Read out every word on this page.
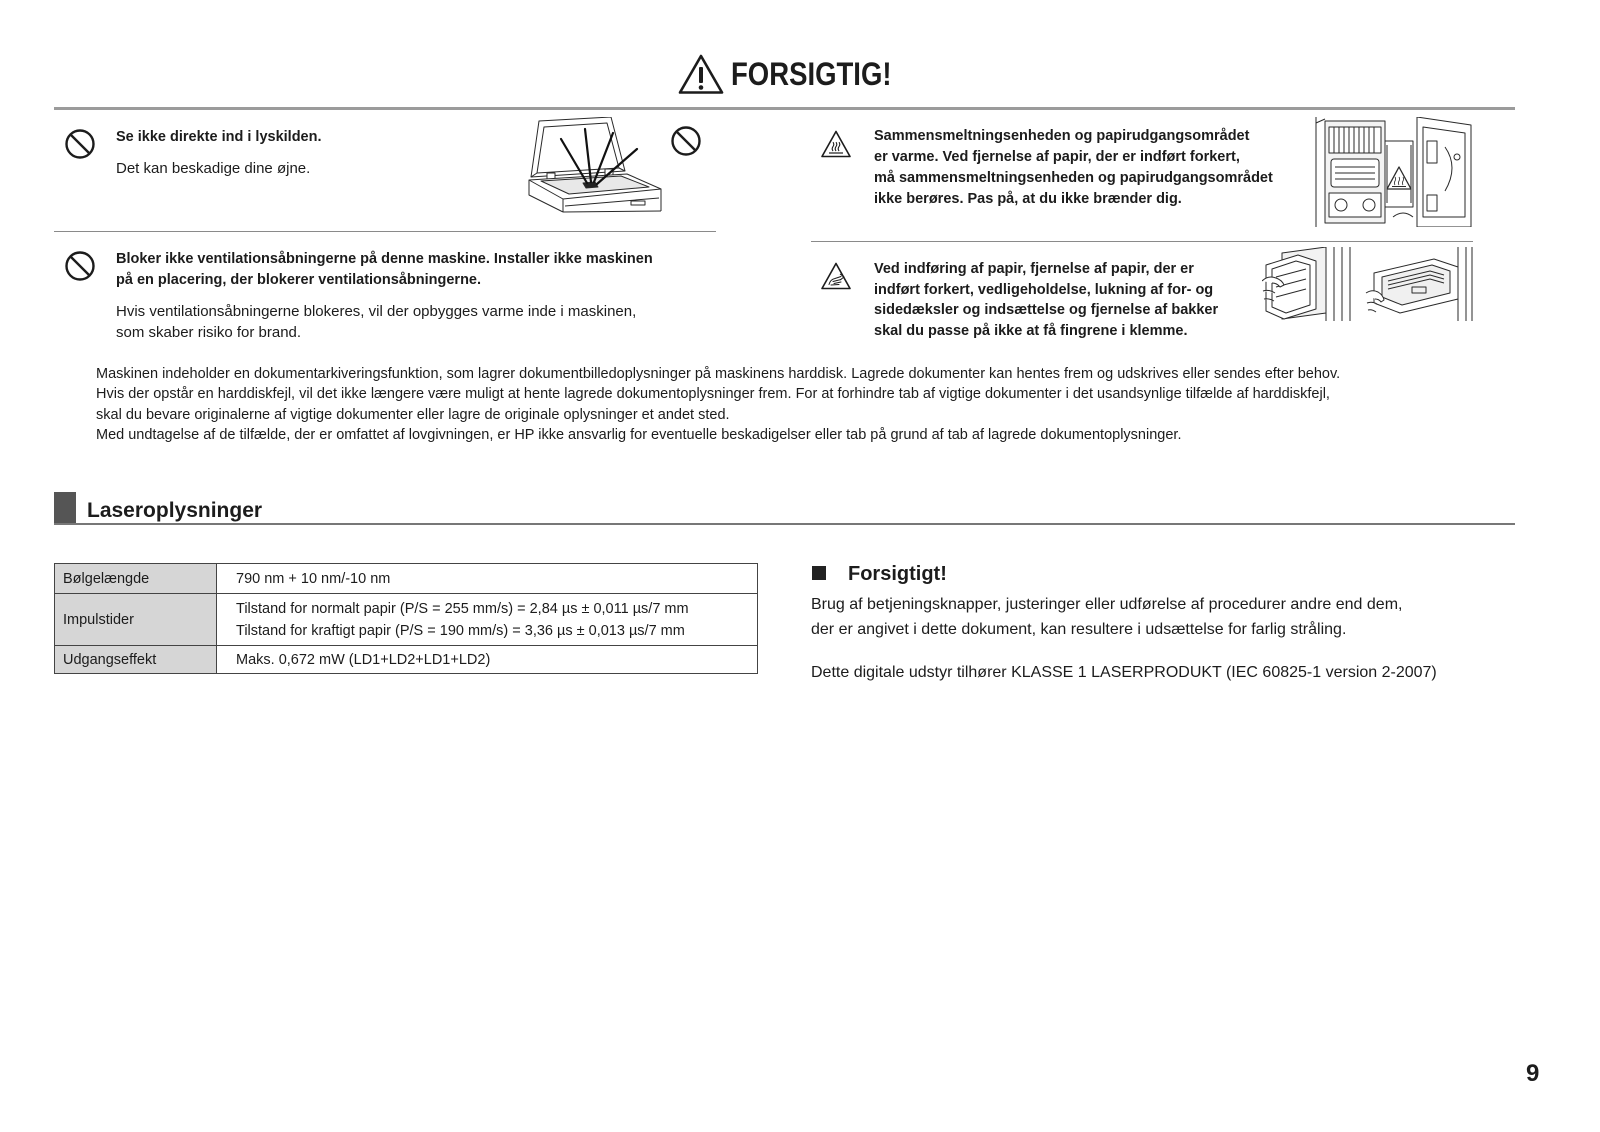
FORSIGTIG!
Se ikke direkte ind i lyskilden.
Det kan beskadige dine øjne.
Bloker ikke ventilationsåbningerne på denne maskine. Installer ikke maskinen
på en placering, der blokerer ventilationsåbningerne.
Hvis ventilationsåbningerne blokeres, vil der opbygges varme inde i maskinen,
som skaber risiko for brand.
Sammensmeltningsenheden og papirudgangsområdet
er varme. Ved fjernelse af papir, der er indført forkert,
må sammensmeltningsenheden og papirudgangsområdet
ikke berøres. Pas på, at du ikke brænder dig.
Ved indføring af papir, fjernelse af papir, der er
indført forkert, vedligeholdelse, lukning af for- og
sidedæksler og indsættelse og fjernelse af bakker
skal du passe på ikke at få fingrene i klemme.
Maskinen indeholder en dokumentarkiveringsfunktion, som lagrer dokumentbilledoplysninger på maskinens harddisk. Lagrede dokumenter kan hentes frem og udskrives eller sendes efter behov.
Hvis der opstår en harddiskfejl, vil det ikke længere være muligt at hente lagrede dokumentoplysninger frem. For at forhindre tab af vigtige dokumenter i det usandsynlige tilfælde af harddiskfejl,
skal du bevare originalerne af vigtige dokumenter eller lagre de originale oplysninger et andet sted.
Med undtagelse af de tilfælde, der er omfattet af lovgivningen, er HP ikke ansvarlig for eventuelle beskadigelser eller tab på grund af tab af lagrede dokumentoplysninger.
Laseroplysninger
Bølgelængde	790 nm + 10 nm/-10 nm

Impulstider	Tilstand for normalt papir (P/S = 255 mm/s) = 2,84 µs ± 0,011 µs/7 mm
Tilstand for kraftigt papir (P/S = 190 mm/s) = 3,36 µs ± 0,013 µs/7 mm

Udgangseffekt	Maks. 0,672 mW (LD1+LD2+LD1+LD2)
Forsigtigt!
Brug af betjeningsknapper, justeringer eller udførelse af procedurer andre end dem,
der er angivet i dette dokument, kan resultere i udsættelse for farlig stråling.
Dette digitale udstyr tilhører KLASSE 1 LASERPRODUKT (IEC 60825-1 version 2-2007)
9
